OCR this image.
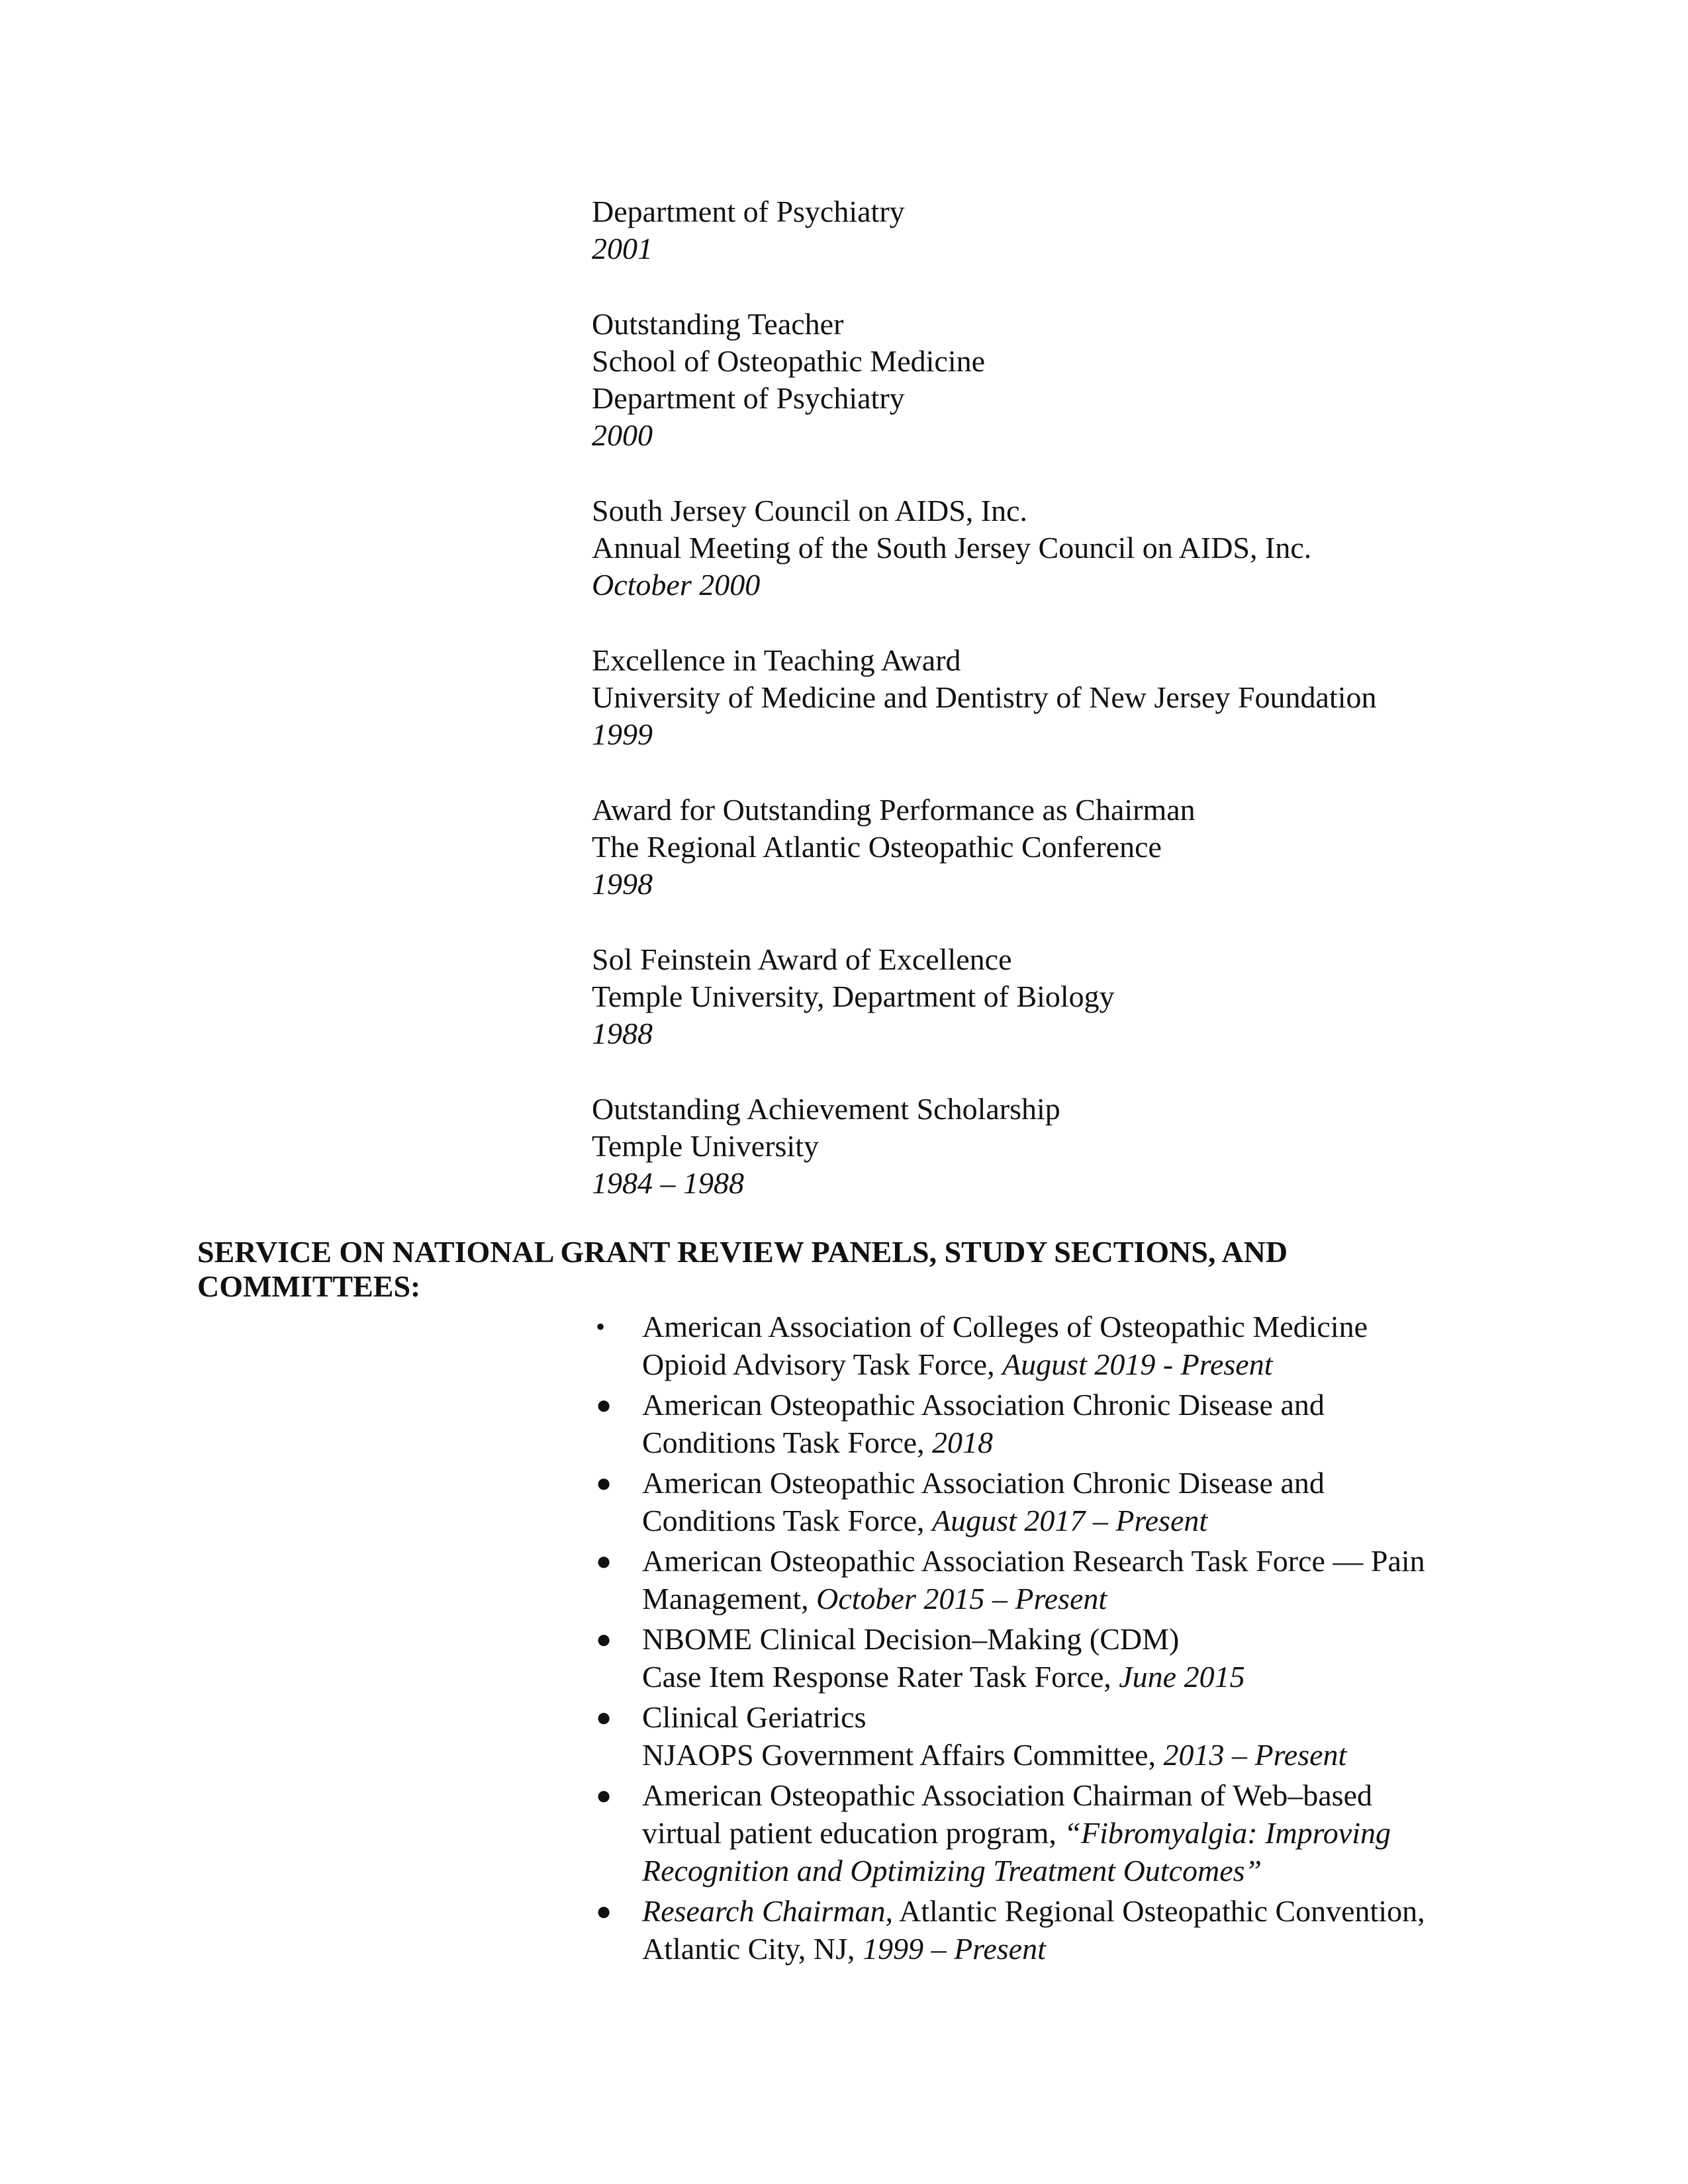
Department of Psychiatry
2001
Outstanding Teacher
School of Osteopathic Medicine
Department of Psychiatry
2000
South Jersey Council on AIDS, Inc.
Annual Meeting of the South Jersey Council on AIDS, Inc.
October 2000
Excellence in Teaching Award
University of Medicine and Dentistry of New Jersey Foundation
1999
Award for Outstanding Performance as Chairman
The Regional Atlantic Osteopathic Conference
1998
Sol Feinstein Award of Excellence
Temple University, Department of Biology
1988
Outstanding Achievement Scholarship
Temple University
1984 – 1988
SERVICE ON NATIONAL GRANT REVIEW PANELS, STUDY SECTIONS, AND
COMMITTEES:
•	American Association of Colleges of Osteopathic Medicine
Opioid Advisory Task Force, August 2019 - Present
● American Osteopathic Association Chronic Disease and
Conditions Task Force, 2018
● American Osteopathic Association Chronic Disease and
Conditions Task Force, August 2017 – Present
● American Osteopathic Association Research Task Force — Pain
Management, October 2015 – Present
● NBOME Clinical Decision–Making (CDM)
Case Item Response Rater Task Force, June 2015
● Clinical Geriatrics
NJAOPS Government Affairs Committee, 2013 – Present
● American Osteopathic Association Chairman of Web–based
virtual patient education program, “Fibromyalgia: Improving
Recognition and Optimizing Treatment Outcomes”
● Research Chairman, Atlantic Regional Osteopathic Convention,
Atlantic City, NJ, 1999 – Present
